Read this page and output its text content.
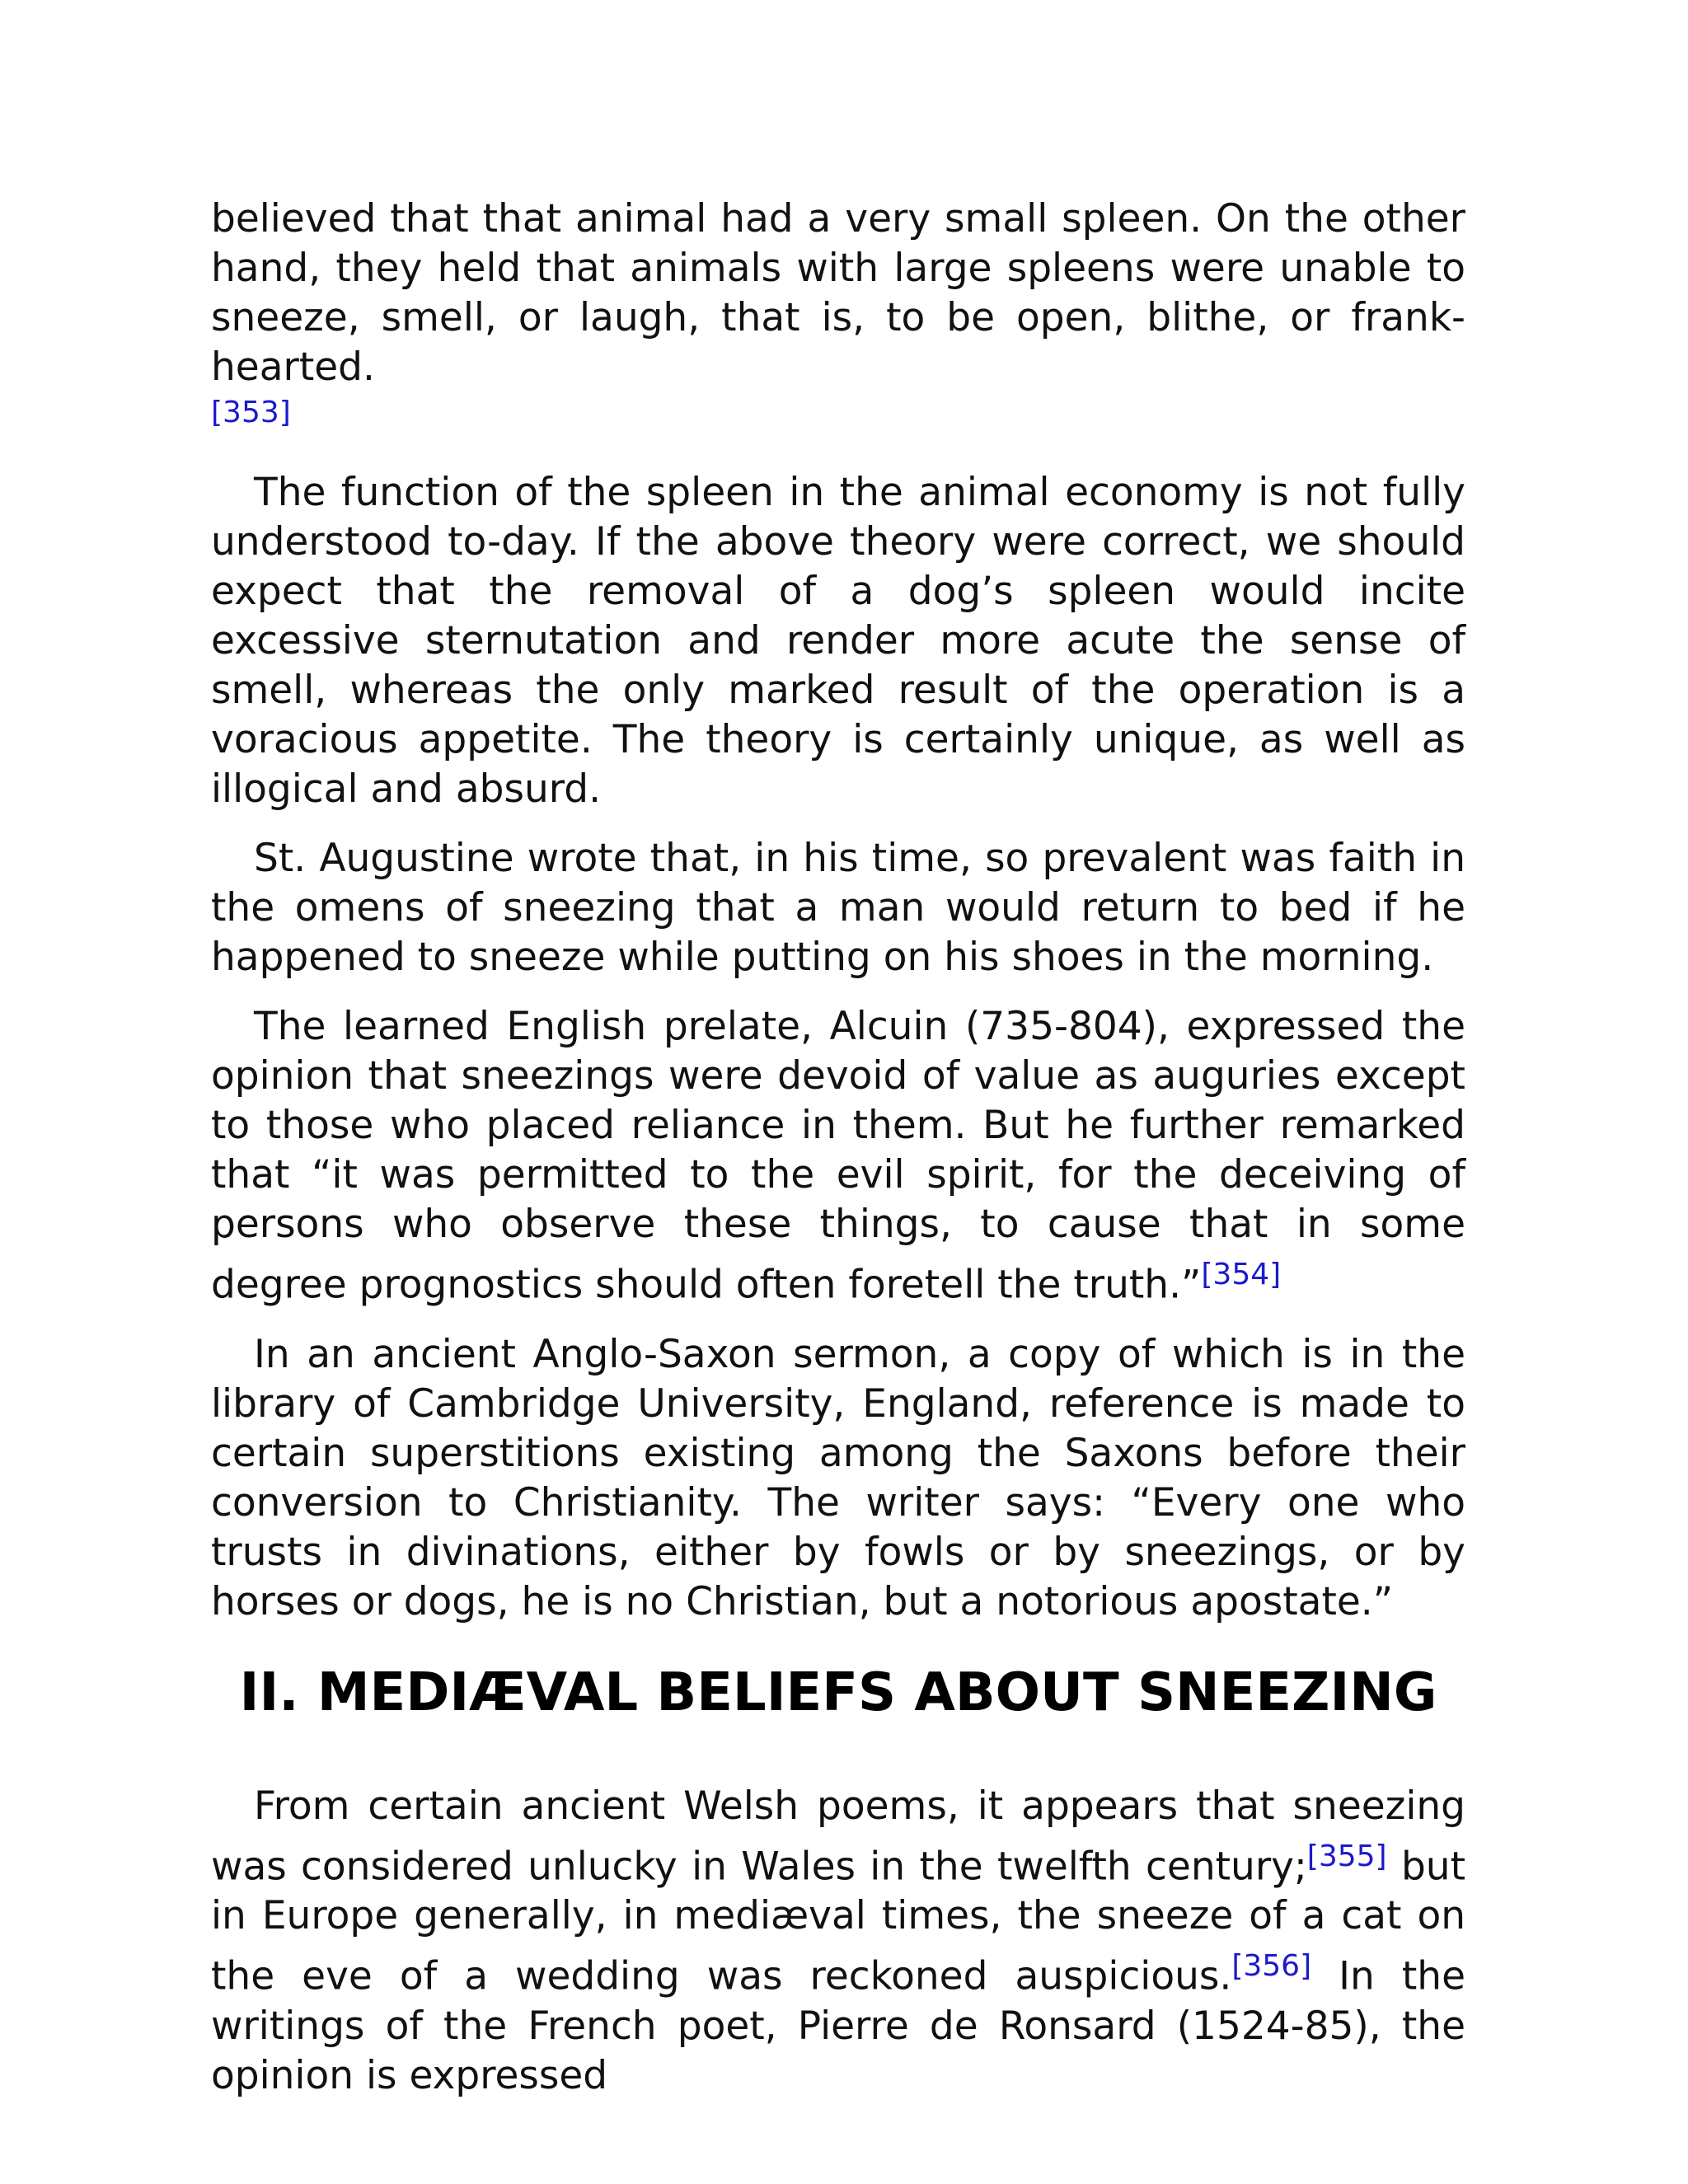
believed that that animal had a very small spleen. On the other hand, they held that animals with large spleens were unable to sneeze, smell, or laugh, that is, to be open, blithe, or frank-hearted.
[353]

The function of the spleen in the animal economy is not fully understood to-day. If the above theory were correct, we should expect that the removal of a dog’s spleen would incite excessive sternutation and render more acute the sense of smell, whereas the only marked result of the operation is a voracious appetite. The theory is certainly unique, as well as illogical and absurd.

St. Augustine wrote that, in his time, so prevalent was faith in the omens of sneezing that a man would return to bed if he happened to sneeze while putting on his shoes in the morning.

The learned English prelate, Alcuin (735-804), expressed the opinion that sneezings were devoid of value as auguries except to those who placed reliance in them. But he further remarked that “it was permitted to the evil spirit, for the deceiving of persons who observe these things, to cause that in some degree prognostics should often foretell the truth.”[354]

In an ancient Anglo-Saxon sermon, a copy of which is in the library of Cambridge University, England, reference is made to certain superstitions existing among the Saxons before their conversion to Christianity. The writer says: “Every one who trusts in divinations, either by fowls or by sneezings, or by horses or dogs, he is no Christian, but a notorious apostate.”

II. MEDIÆVAL BELIEFS ABOUT SNEEZING

From certain ancient Welsh poems, it appears that sneezing was considered unlucky in Wales in the twelfth century;[355] but in Europe generally, in mediæval times, the sneeze of a cat on the eve of a wedding was reckoned auspicious.[356] In the writings of the French poet, Pierre de Ronsard (1524-85), the opinion is expressed
